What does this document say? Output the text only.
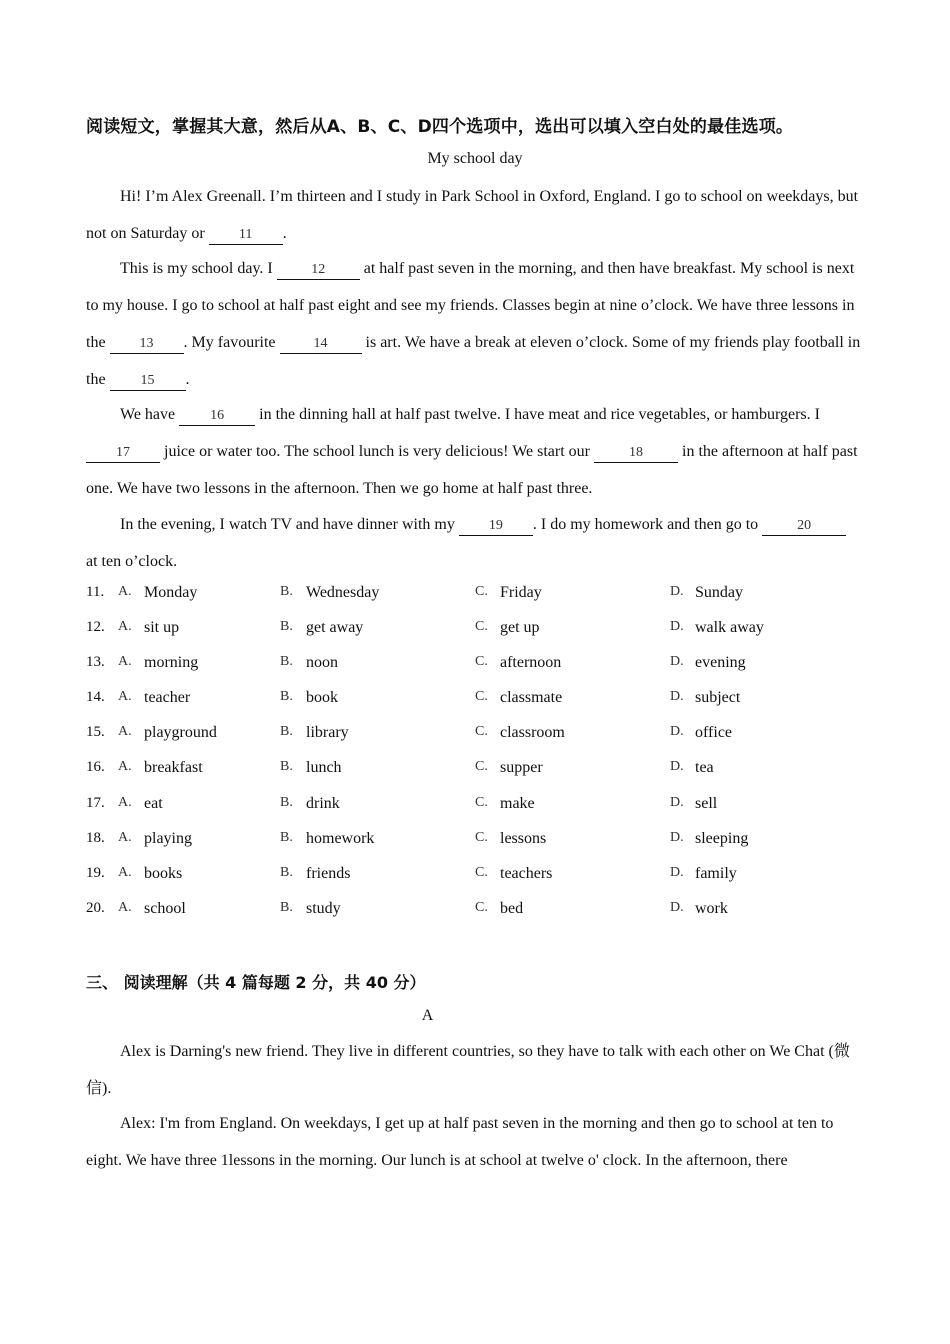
阅读短文，掌握其大意，然后从A、B、C、D四个选项中，选出可以填入空白处的最佳选项。
My school day

Hi! I’m Alex Greenall. I’m thirteen and I study in Park School in Oxford, England. I go to school on weekdays, but not on Saturday or 11 .

This is my school day. I 12 at half past seven in the morning, and then have breakfast. My school is next to my house. I go to school at half past eight and see my friends. Classes begin at nine o’clock. We have three lessons in the 13 . My favourite 14 is art. We have a break at eleven o’clock. Some of my friends play football in the 15 .

We have 16 in the dinning hall at half past twelve. I have meat and rice vegetables, or hamburgers. I 17 juice or water too. The school lunch is very delicious! We start our	18 in the afternoon at half past one. We have two lessons in the afternoon. Then we go home at half past three.

In the evening, I watch TV and have dinner with my 19 . I do my homework and then go to	20 at ten o’clock.

11. A. Monday	B. Wednesday	C. Friday	D. Sunday
12. A. sit up	B. get away	C. get up	D. walk away
13. A. morning	B. noon	C. afternoon	D. evening
14. A. teacher	B. book	C. classmate	D. subject
15. A. playground	B. library	C. classroom	D. office
16. A. breakfast	B. lunch	C. supper	D. tea
17. A. eat	B. drink	C. make	D. sell
18. A. playing	B. homework	C. lessons	D. sleeping
19. A. books	B. friends	C. teachers	D. family
20. A. school	B. study	C. bed	D. work
三、 阅读理解（共 4 篇每题 2 分，共 40 分）
A

Alex is Darning's new friend. They live in different countries, so they have to talk with each other on We Chat (微信).

Alex: I'm from England. On weekdays, I get up at half past seven in the morning and then go to school at ten to eight. We have three 1lessons in the morning. Our lunch is at school at twelve o' clock. In the afternoon, there
